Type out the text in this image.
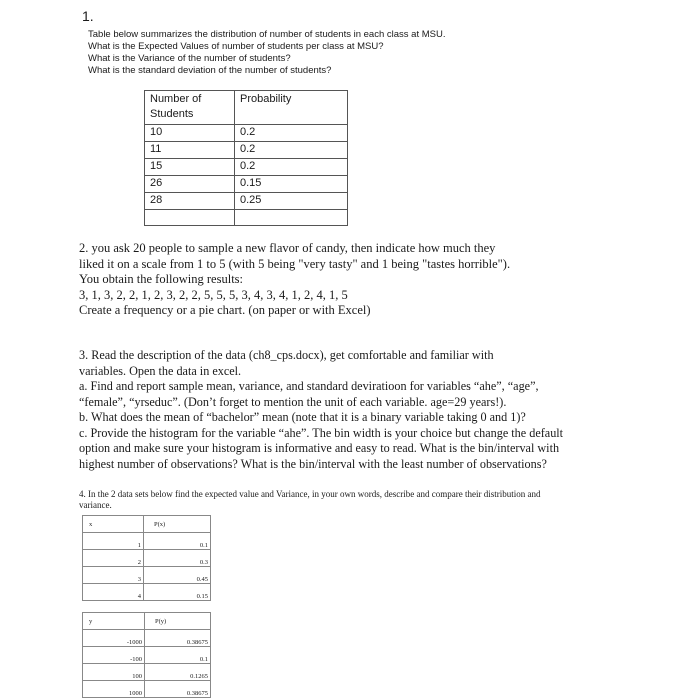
1.
Table below summarizes the distribution of number of students in each class at MSU.
What is the Expected Values of number of students per class at MSU?
What is the Variance of the number of students?
What is the standard deviation of the number of students?
Number of Students	Probability
10	0.2
11	0.2
15	0.2
26	0.15
28	0.25

2. you ask 20 people to sample a new flavor of candy, then indicate how much they
liked it on a scale from 1 to 5 (with 5 being "very tasty" and 1 being "tastes horrible").
You obtain the following results:
3, 1, 3, 2, 2, 1, 2, 3, 2, 2, 5, 5, 5, 3, 4, 3, 4, 1, 2, 4, 1, 5
Create a frequency or a pie chart. (on paper or with Excel)
3. Read the description of the data (ch8_cps.docx), get comfortable and familiar with
variables. Open the data in excel.
a. Find and report sample mean, variance, and standard deviratioon for variables “ahe”, “age”,
“female”, “yrseduc”. (Don’t forget to mention the unit of each variable. age=29 years!).
b. What does the mean of “bachelor” mean (note that it is a binary variable taking 0 and 1)?
c. Provide the histogram for the variable “ahe”. The bin width is your choice but change the default
option and make sure your histogram is informative and easy to read. What is the bin/interval with
highest number of observations? What is the bin/interval with the least number of observations?
4. In the 2 data sets below find the expected value and Variance, in your own words, describe and compare their distribution and
variance.
x	P(x)
1	0.1
2	0.3
3	0.45
4	0.15
y	P(y)
-1000	0.38675
-100	0.1
100	0.1265
1000	0.38675
